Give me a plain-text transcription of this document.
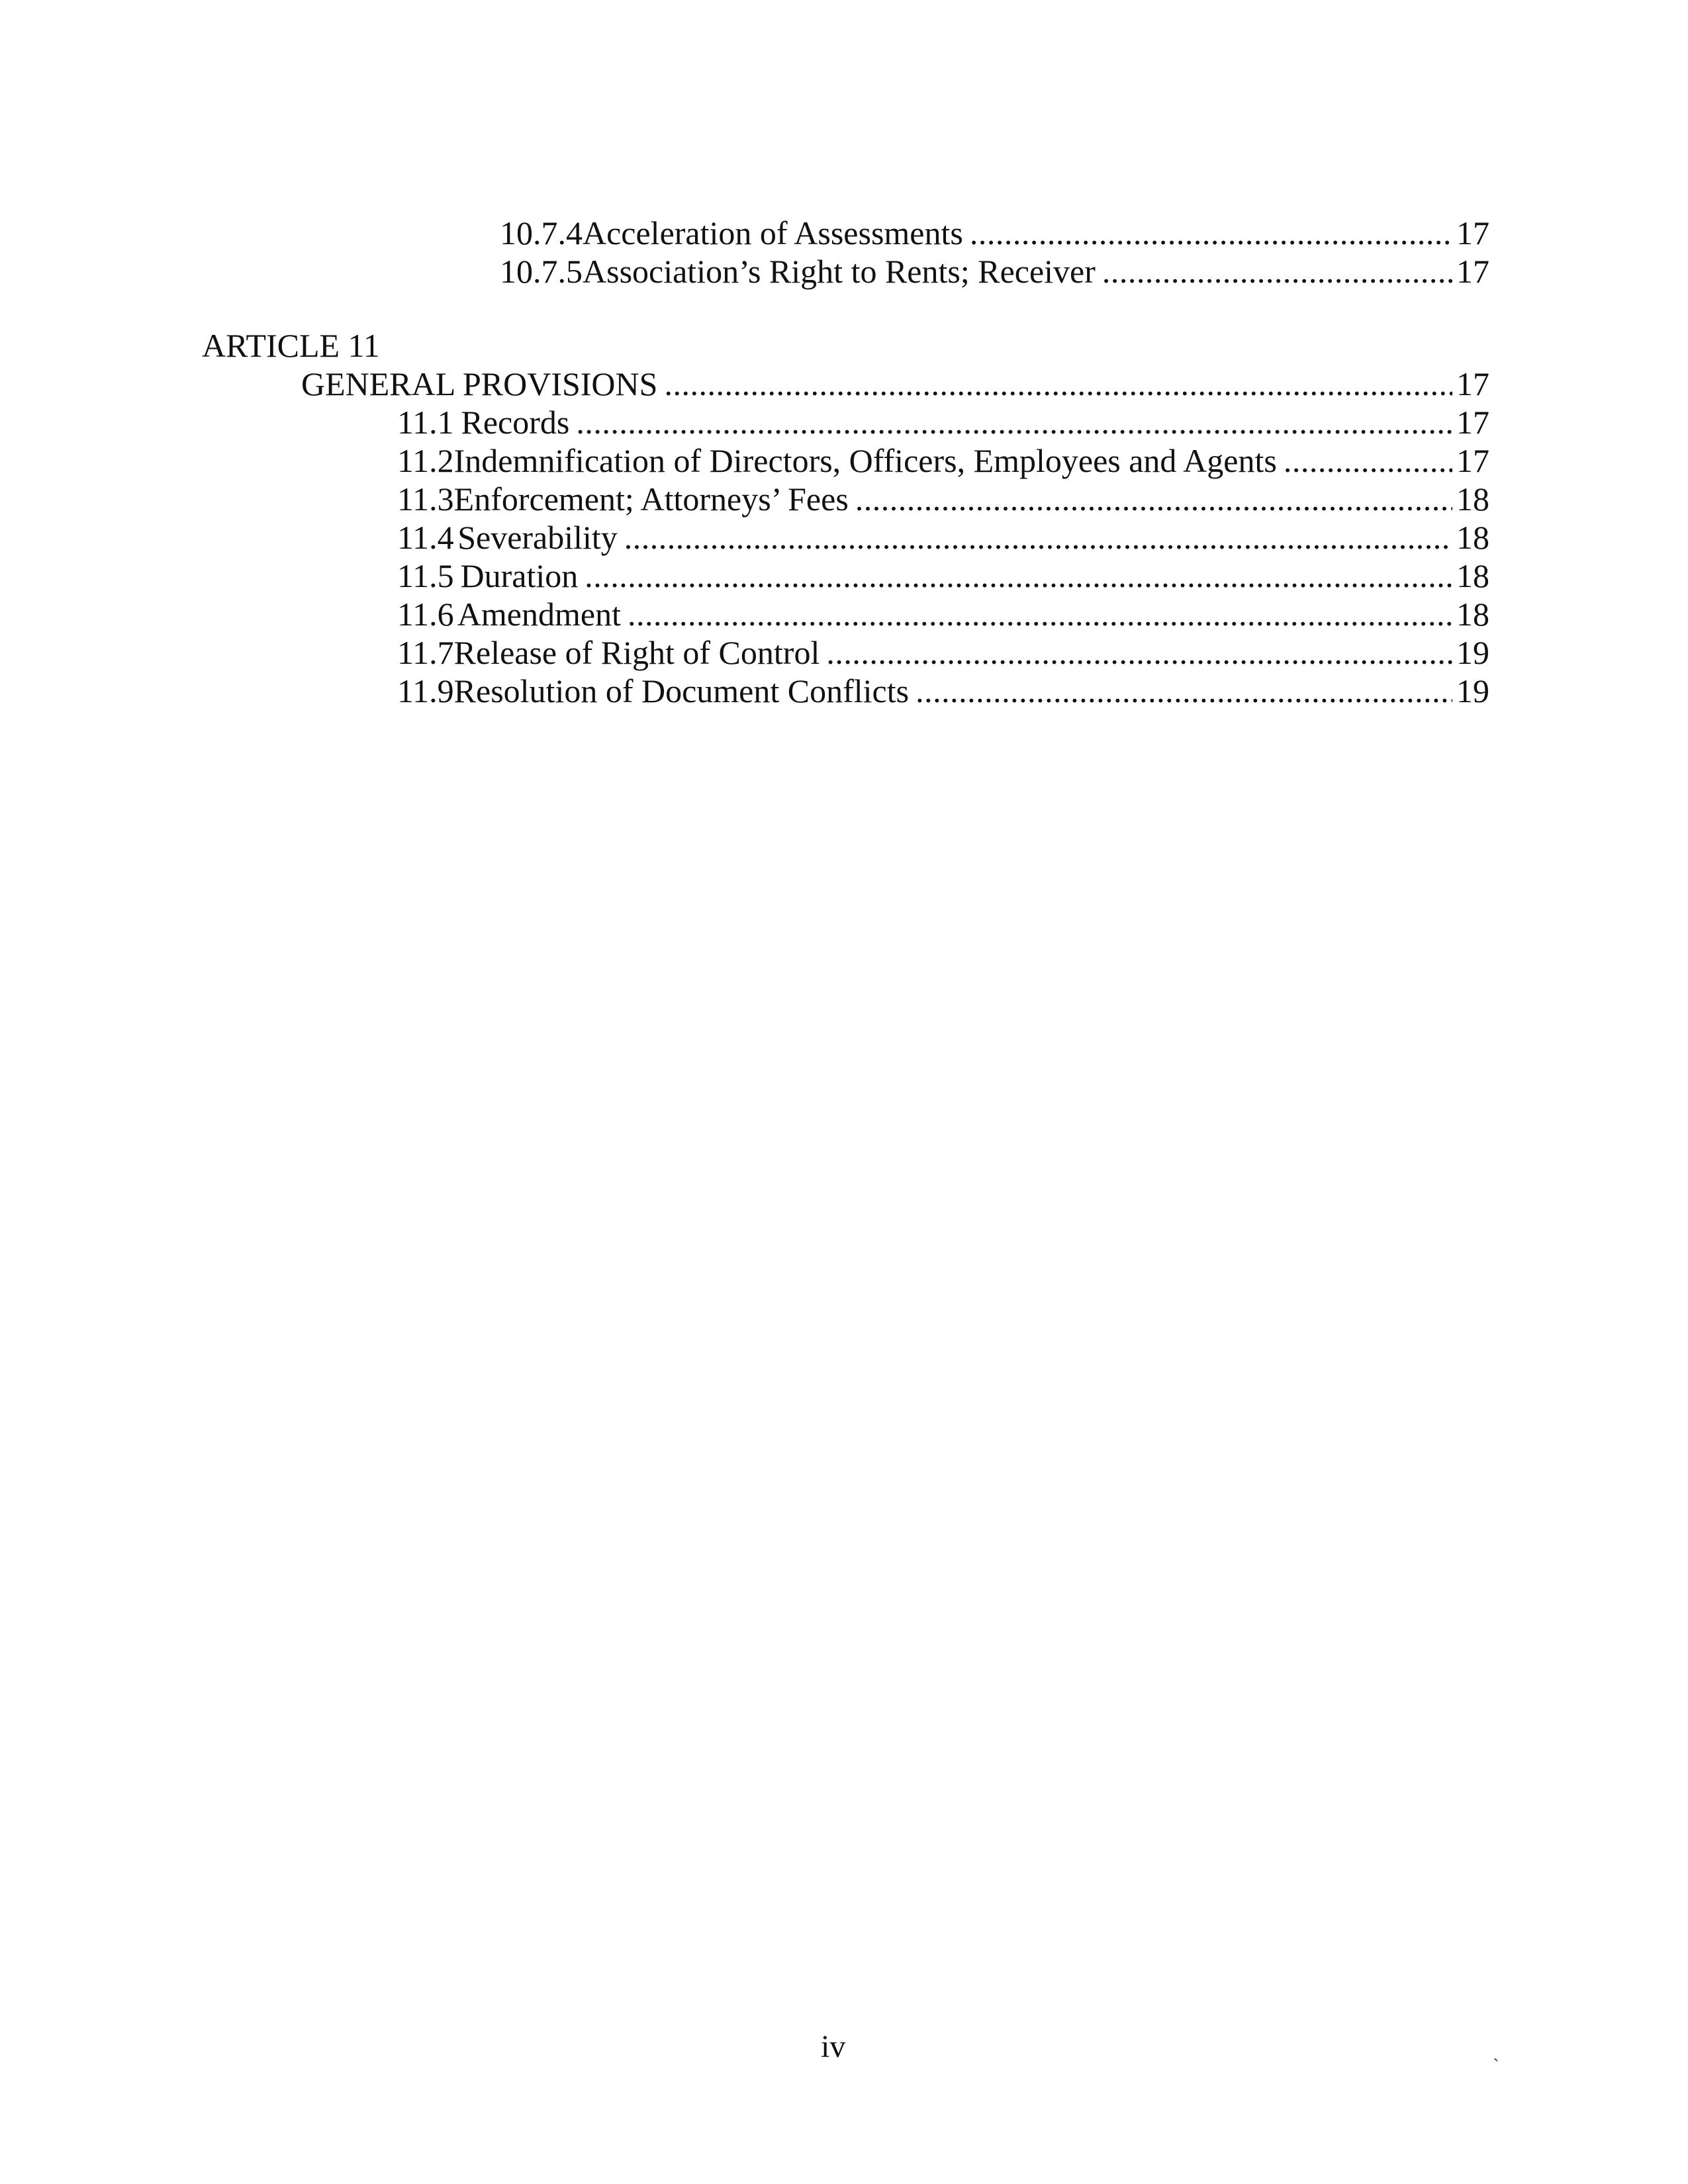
10.7.4 Acceleration of Assessments . . .	17
10.7.5 Association’s Right to Rents; Receiver . . .	17
ARTICLE 11
GENERAL PROVISIONS . . .	17
11.1 Records . . .	17
11.2 Indemnification of Directors, Officers, Employees and Agents . . .	17
11.3 Enforcement; Attorneys’ Fees . . .	18
11.4 Severability . . .	18
11.5 Duration . . .	18
11.6 Amendment . . .	18
11.7 Release of Right of Control . . .	19
11.9 Resolution of Document Conflicts . . .	19
iv
`
